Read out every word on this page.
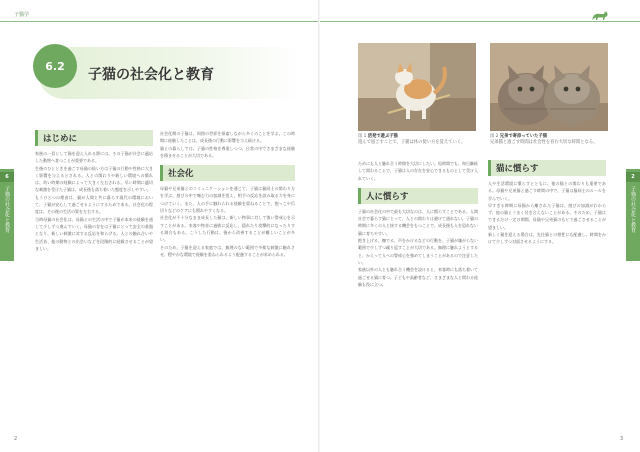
子猫学
6.2
子猫の社会化と教育
はじめに

家族の一員として猫を迎え入れる際には、その子猫が社会に適応した動物へ育つことが重要である。

生後のひとときを過ごす母猫の扱い方は子猫の行動や性格に大きく影響を与えるとされる。人との関わりや新しい環境への慣れは、幼い時期の経験によって大きく左右される。早い時期に適切な刺激を受けた子猫は、成長後も落ち着いた態度を示しやすい。

もうひとつの理由は、猫が人間と共に暮らす現代の環境において、子猫が安心して過ごせるようにするためである。社会化の程度は、その後の生活の質を左右する。

当時母猫の社会化は、母猫との生活の中で子猫が本来の経験を通して少しずつ進んでいく。母猫の存在は子猫にとって安全の基盤となり、新しい刺激に対する反応を和らげる。人との触れ合いや生活音、他の動物との出会いなどを段階的に経験させることが望ましい。

社会化期の子猫は、周囲の世界を探索しながら多くのことを学ぶ。この時期に経験したことは、成長後の行動に影響を与え続ける。

猫との暮らしでは、子猫の性格を尊重しつつ、日常の中でさまざまな経験を積ませることが大切である。

社会化

母猫や兄弟猫とのコミュニケーションを通じて、子猫は猫同士の関わり方を学ぶ。遊びの中で噛む力の加減を覚え、相手の反応を読み取る力を身につけていく。また、人の手に触れられる経験を重ねることで、抱っこや爪切りなどのケアにも慣れやすくなる。

社会化が不十分なまま成長した猫は、新しい物事に対して強い警戒心を示すことがある。来客や物音に過敏に反応し、隠れたり攻撃的になったりする場合もある。こうした行動は、後から改善することが難しいことが多い。

そのため、子猫を迎える家庭では、無理のない範囲で多様な刺激に触れさせ、穏やかな環境で経験を重ねられるよう配慮することが求められる。

6
子猫の社会化と教育
2
図 1 活発で遊ぶ子猫
遊んで過ごすことで、子猫は体の使い方を覚えていく。
図 2 兄弟で寄添っていた子猫
兄弟猫と過ごす時間は社会性を育む大切な時間となる。

ためにも人と触れ合う時間を大切にしたい。短時間でも、毎日継続して関わることで、子猫は人の存在を安心できるものとして受け入れていく。

人に慣らす

子猫の社会化の中で最も大切なのは、人に慣らすことである。人間社会で暮らす猫にとって、人との関わりは避けて通れない。子猫の時期に多くの人と接する機会をもつことで、成長後も人を恐れない猫に育ちやすい。

抱き上げる、撫でる、声をかけるなどの行動を、子猫が嫌がらない範囲で少しずつ繰り返すことが大切である。無理に触れようとすると、かえって人への警戒心を強めてしまうことがあるので注意したい。

家族以外の人とも触れ合う機会を設けると、来客時にも落ち着いて過ごせる猫に育つ。子どもや高齢者など、さまざまな人と関わる経験も役に立つ。

猫に慣らす

人や生活環境に慣らすとともに、他の猫との関わりも重要である。母猫や兄弟猫と過ごす時間の中で、子猫は猫同士のルールを学んでいく。

早すぎる時期に母猫から離された子猫は、遊びの加減がわからず、他の猫とうまく付き合えないことがある。そのため、子猫はできるだけ一定の期間、母猫や兄弟猫のもとで過ごさせることが望ましい。

新しく猫を迎える場合は、先住猫との相性にも配慮し、時間をかけて少しずつ対面させるようにする。

2
子猫の社会化と教育
3
